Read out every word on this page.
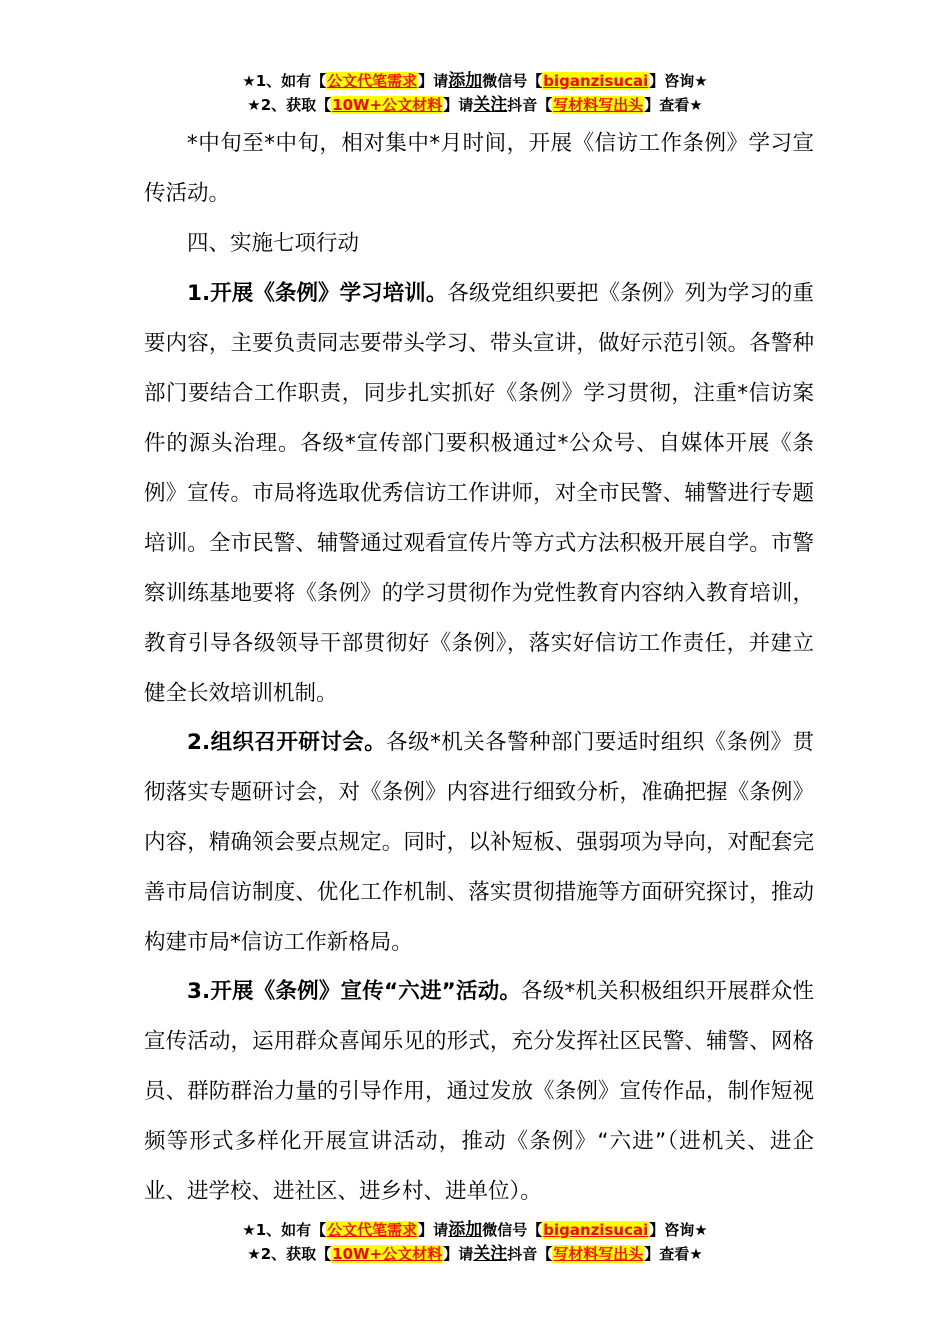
★1、如有【公文代笔需求】请添加微信号【biganzisucai】咨询★
★2、获取【10W+公文材料】请关注抖音【写材料写出头】查看★
*中旬至*中旬，相对集中*月时间，开展《信访工作条例》学习宣传活动。
四、实施七项行动
1.开展《条例》学习培训。各级党组织要把《条例》列为学习的重要内容，主要负责同志要带头学习、带头宣讲，做好示范引领。各警种部门要结合工作职责，同步扎实抓好《条例》学习贯彻，注重*信访案件的源头治理。各级*宣传部门要积极通过*公众号、自媒体开展《条例》宣传。市局将选取优秀信访工作讲师，对全市民警、辅警进行专题培训。全市民警、辅警通过观看宣传片等方式方法积极开展自学。市警察训练基地要将《条例》的学习贯彻作为党性教育内容纳入教育培训，教育引导各级领导干部贯彻好《条例》，落实好信访工作责任，并建立健全长效培训机制。
2.组织召开研讨会。各级*机关各警种部门要适时组织《条例》贯彻落实专题研讨会，对《条例》内容进行细致分析，准确把握《条例》内容，精确领会要点规定。同时，以补短板、强弱项为导向，对配套完善市局信访制度、优化工作机制、落实贯彻措施等方面研究探讨，推动构建市局*信访工作新格局。
3.开展《条例》宣传“六进”活动。各级*机关积极组织开展群众性宣传活动，运用群众喜闻乐见的形式，充分发挥社区民警、辅警、网格员、群防群治力量的引导作用，通过发放《条例》宣传作品，制作短视频等形式多样化开展宣讲活动，推动《条例》“六进”（进机关、进企业、进学校、进社区、进乡村、进单位）。
★1、如有【公文代笔需求】请添加微信号【biganzisucai】咨询★
★2、获取【10W+公文材料】请关注抖音【写材料写出头】查看★
